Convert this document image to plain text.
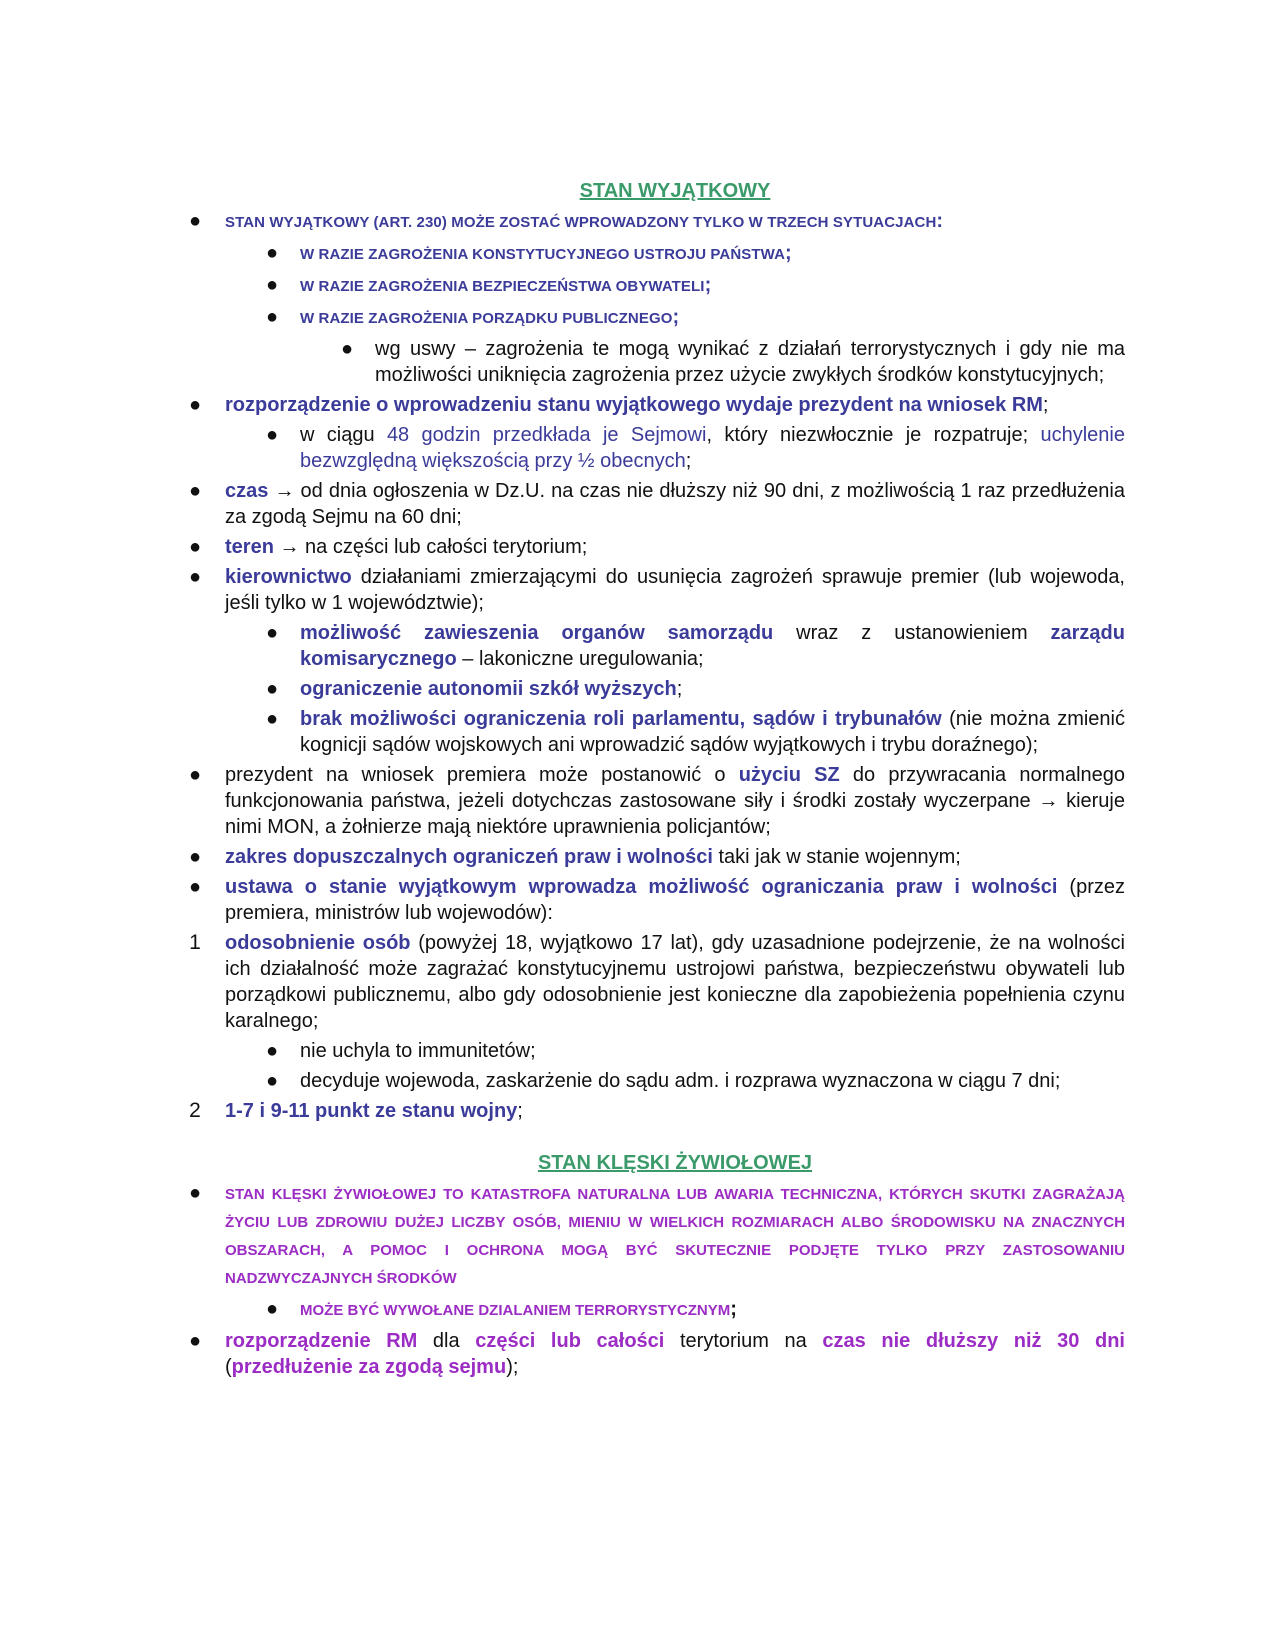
STAN WYJĄTKOWY
● STAN WYJĄTKOWY (ART. 230) MOŻE ZOSTAĆ WPROWADZONY TYLKO W TRZECH SYTUACJACH:
● W RAZIE ZAGROŻENIA KONSTYTUCYJNEGO USTROJU PAŃSTWA;
● W RAZIE ZAGROŻENIA BEZPIECZEŃSTWA OBYWATELI;
● W RAZIE ZAGROŻENIA PORZĄDKU PUBLICZNEGO;
● wg uswy – zagrożenia te mogą wynikać z działań terrorystycznych i gdy nie ma możliwości uniknięcia zagrożenia przez użycie zwykłych środków konstytucyjnych;
● rozporządzenie o wprowadzeniu stanu wyjątkowego wydaje prezydent na wniosek RM;
● w ciągu 48 godzin przedkłada je Sejmowi, który niezwłocznie je rozpatruje; uchylenie bezwzględną większością przy ½ obecnych;
● czas → od dnia ogłoszenia w Dz.U. na czas nie dłuższy niż 90 dni, z możliwością 1 raz przedłużenia za zgodą Sejmu na 60 dni;
● teren → na części lub całości terytorium;
● kierownictwo działaniami zmierzającymi do usunięcia zagrożeń sprawuje premier (lub wojewoda, jeśli tylko w 1 województwie);
● możliwość zawieszenia organów samorządu wraz z ustanowieniem zarządu komisarycznego – lakoniczne uregulowania;
● ograniczenie autonomii szkół wyższych;
● brak możliwości ograniczenia roli parlamentu, sądów i trybunałów (nie można zmienić kognicji sądów wojskowych ani wprowadzić sądów wyjątkowych i trybu doraźnego);
● prezydent na wniosek premiera może postanowić o użyciu SZ do przywracania normalnego funkcjonowania państwa, jeżeli dotychczas zastosowane siły i środki zostały wyczerpane → kieruje nimi MON, a żołnierze mają niektóre uprawnienia policjantów;
● zakres dopuszczalnych ograniczeń praw i wolności taki jak w stanie wojennym;
● ustawa o stanie wyjątkowym wprowadza możliwość ograniczania praw i wolności (przez premiera, ministrów lub wojewodów):
1 odosobnienie osób (powyżej 18, wyjątkowo 17 lat), gdy uzasadnione podejrzenie, że na wolności ich działalność może zagrażać konstytucyjnemu ustrojowi państwa, bezpieczeństwu obywateli lub porządkowi publicznemu, albo gdy odosobnienie jest konieczne dla zapobieżenia popełnienia czynu karalnego;
● nie uchyla to immunitetów;
● decyduje wojewoda, zaskarżenie do sądu adm. i rozprawa wyznaczona w ciągu 7 dni;
2 1-7 i 9-11 punkt ze stanu wojny;
STAN KLĘSKI ŻYWIOŁOWEJ
● STAN KLĘSKI ŻYWIOŁOWEJ TO KATASTROFA NATURALNA LUB AWARIA TECHNICZNA, KTÓRYCH SKUTKI ZAGRAŻAJĄ ŻYCIU LUB ZDROWIU DUŻEJ LICZBY OSÓB, MIENIU W WIELKICH ROZMIARACH ALBO ŚRODOWISKU NA ZNACZNYCH OBSZARACH, A POMOC I OCHRONA MOGĄ BYĆ SKUTECZNIE PODJĘTE TYLKO PRZY ZASTOSOWANIU NADZWYCZAJNYCH ŚRODKÓW
● MOŻE BYĆ WYWOŁANE DZIALANIEM TERRORYSTYCZNYM;
● rozporządzenie RM dla części lub całości terytorium na czas nie dłuższy niż 30 dni (przedłużenie za zgodą sejmu);
